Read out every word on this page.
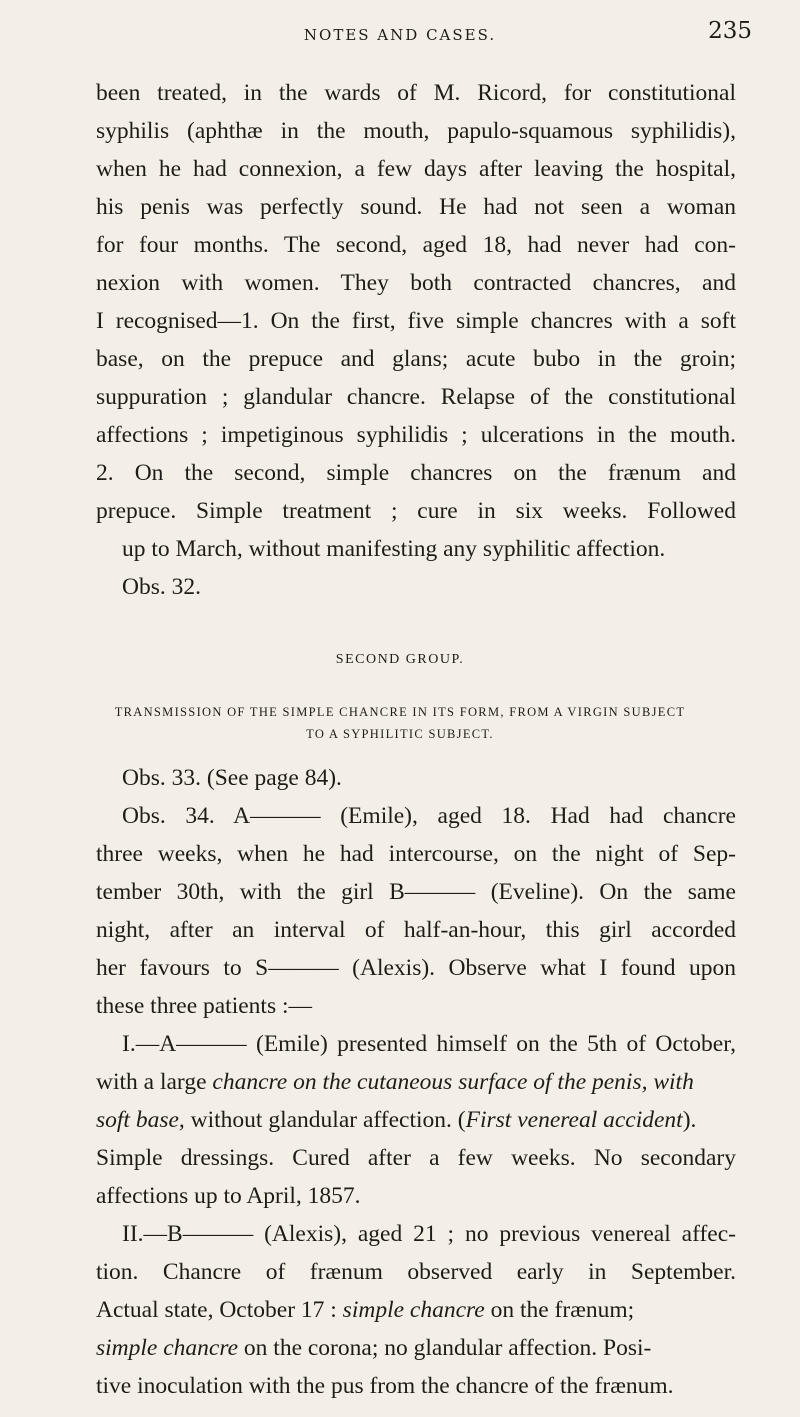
NOTES AND CASES.	235
been treated, in the wards of M. Ricord, for constitutional
syphilis (aphthæ in the mouth, papulo-squamous syphilidis),
when he had connexion, a few days after leaving the hospital,
his penis was perfectly sound. He had not seen a woman
for four months. The second, aged 18, had never had con-
nexion with women. They both contracted chancres, and
I recognised—1. On the first, five simple chancres with a soft
base, on the prepuce and glans; acute bubo in the groin;
suppuration ; glandular chancre. Relapse of the constitutional
affections ; impetiginous syphilidis ; ulcerations in the mouth.
2. On the second, simple chancres on the frænum and
prepuce. Simple treatment ; cure in six weeks. Followed
up to March, without manifesting any syphilitic affection.
Obs. 32.
SECOND GROUP.
TRANSMISSION OF THE SIMPLE CHANCRE IN ITS FORM, FROM A VIRGIN SUBJECT
TO A SYPHILITIC SUBJECT.
Obs. 33. (See page 84).
Obs. 34. A——— (Emile), aged 18. Had had chancre
three weeks, when he had intercourse, on the night of Sep-
tember 30th, with the girl B——— (Eveline). On the same
night, after an interval of half-an-hour, this girl accorded
her favours to S——— (Alexis). Observe what I found upon
these three patients :—
I.—A——— (Emile) presented himself on the 5th of October,
with a large chancre on the cutaneous surface of the penis, with
soft base, without glandular affection. (First venereal accident).
Simple dressings. Cured after a few weeks. No secondary
affections up to April, 1857.
II.—B——— (Alexis), aged 21 ; no previous venereal affec-
tion. Chancre of frænum observed early in September.
Actual state, October 17 : simple chancre on the frænum;
simple chancre on the corona; no glandular affection. Posi-
tive inoculation with the pus from the chancre of the frænum.
